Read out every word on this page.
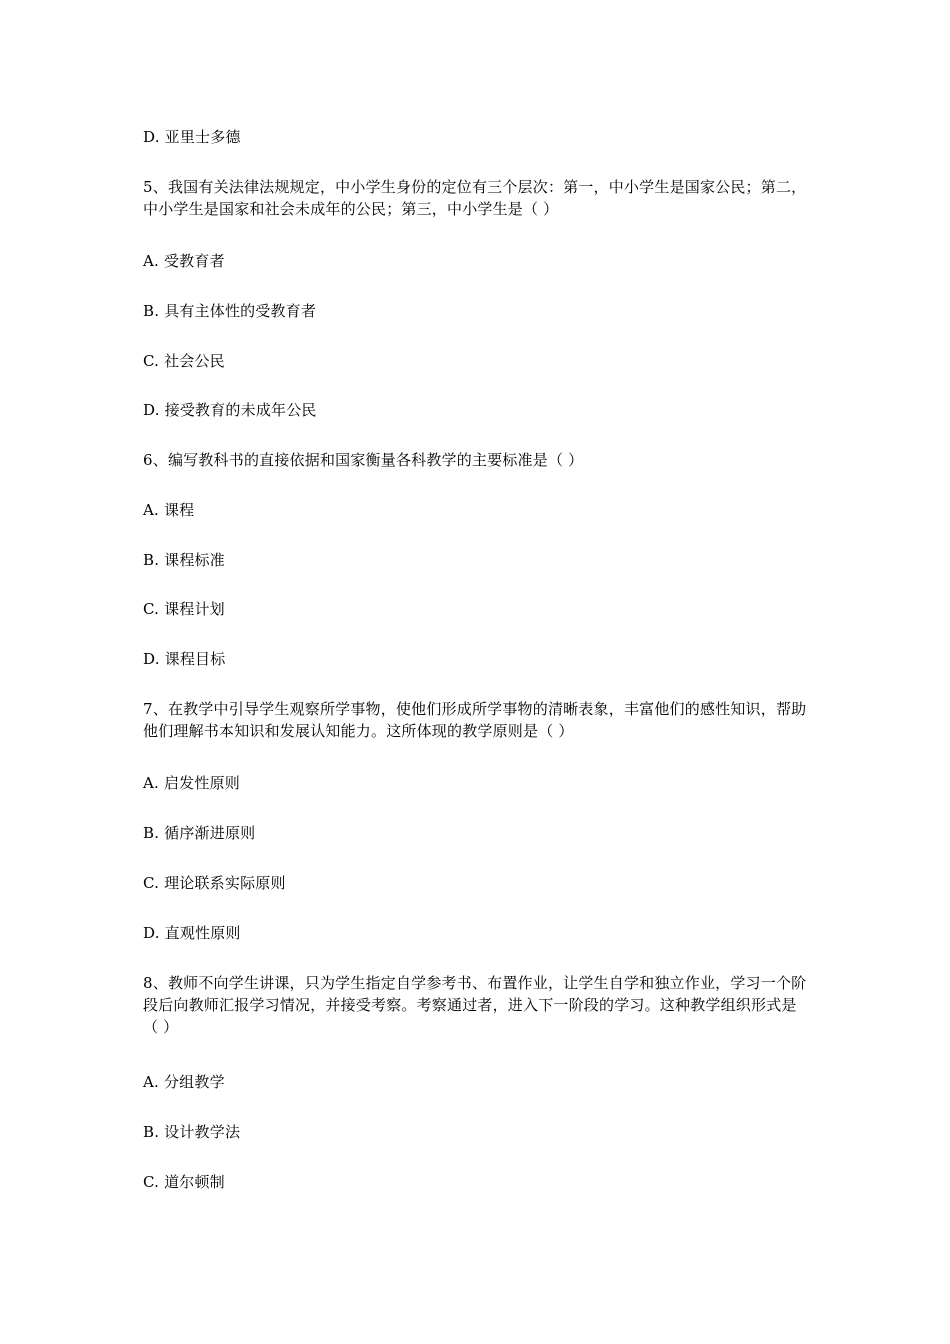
D. 亚里士多德
5、我国有关法律法规规定，中小学生身份的定位有三个层次：第一，中小学生是国家公民；第二，中小学生是国家和社会未成年的公民；第三，中小学生是（ ）
A. 受教育者
B. 具有主体性的受教育者
C. 社会公民
D. 接受教育的未成年公民
6、编写教科书的直接依据和国家衡量各科教学的主要标准是（ ）
A. 课程
B. 课程标准
C. 课程计划
D. 课程目标
7、在教学中引导学生观察所学事物，使他们形成所学事物的清晰表象，丰富他们的感性知识，帮助他们理解书本知识和发展认知能力。这所体现的教学原则是（ ）
A. 启发性原则
B. 循序渐进原则
C. 理论联系实际原则
D. 直观性原则
8、教师不向学生讲课，只为学生指定自学参考书、布置作业，让学生自学和独立作业，学习一个阶段后向教师汇报学习情况，并接受考察。考察通过者，进入下一阶段的学习。这种教学组织形式是（ ）
A. 分组教学
B. 设计教学法
C. 道尔顿制
